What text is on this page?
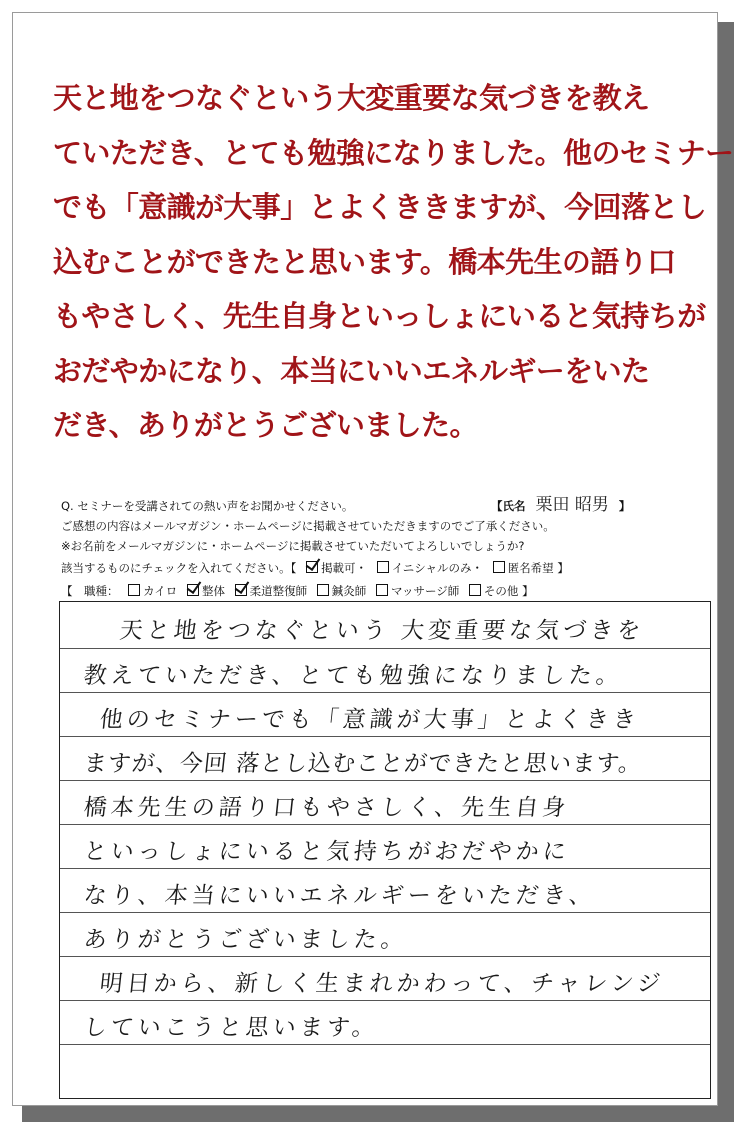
天と地をつなぐという大変重要な気づきを教え
ていただき、とても勉強になりました。他のセミナー
でも「意識が大事」とよくききますが、今回落とし
込むことができたと思います。橋本先生の語り口
もやさしく、先生自身といっしょにいると気持ちが
おだやかになり、本当にいいエネルギーをいた
だき、ありがとうございました。
Q. セミナーを受講されての熱い声をお聞かせください。	【氏名 栗田 昭男 】
ご感想の内容はメールマガジン・ホームページに掲載させていただきますのでご了承ください。
※お名前をメールマガジンに・ホームページに掲載させていただいてよろしいでしょうか?
該当するものにチェックを入れてください。【 掲載可・ イニシャルのみ・ 匿名希望 】
【　職種： カイロ 整体 柔道整復師 鍼灸師 マッサージ師 その他 】
天と地をつなぐという 大変重要な気づきを
教えていただき、とても勉強になりました。
他のセミナーでも「意識が大事」とよくきき
ますが、今回 落とし込むことができたと思います。
橋本先生の語り口もやさしく、先生自身
といっしょにいると気持ちがおだやかに
なり、本当にいいエネルギーをいただき、
ありがとうございました。
明日から、新しく生まれかわって、チャレンジ
していこうと思います。
